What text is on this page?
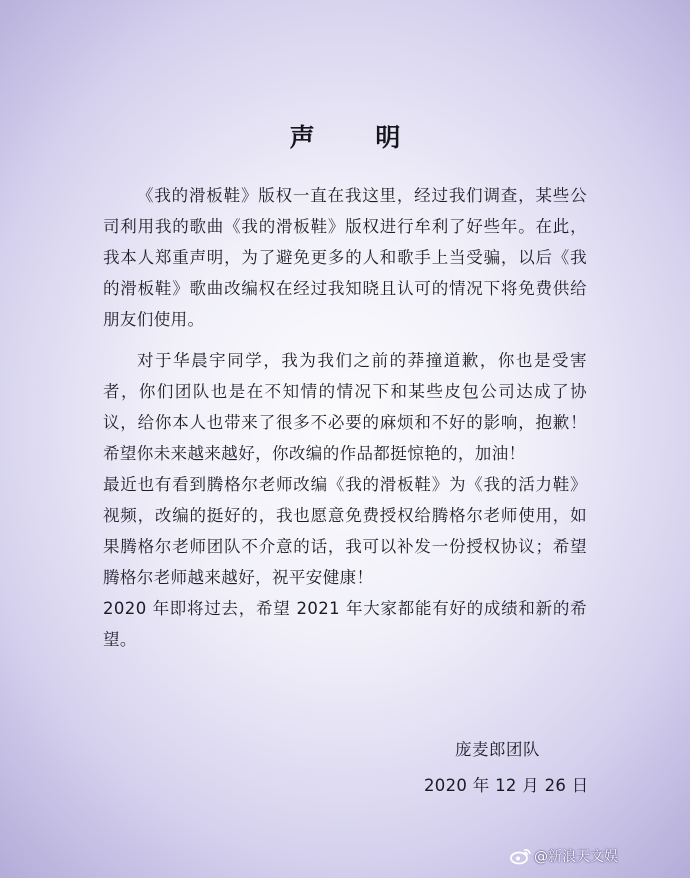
声 明

《我的滑板鞋》版权一直在我这里，经过我们调查，某些公司利用我的歌曲《我的滑板鞋》版权进行牟利了好些年。在此，我本人郑重声明，为了避免更多的人和歌手上当受骗，以后《我的滑板鞋》歌曲改编权在经过我知晓且认可的情况下将免费供给朋友们使用。

对于华晨宇同学，我为我们之前的莽撞道歉，你也是受害者，你们团队也是在不知情的情况下和某些皮包公司达成了协议，给你本人也带来了很多不必要的麻烦和不好的影响，抱歉！希望你未来越来越好，你改编的作品都挺惊艳的，加油！

最近也有看到腾格尔老师改编《我的滑板鞋》为《我的活力鞋》视频，改编的挺好的，我也愿意免费授权给腾格尔老师使用，如果腾格尔老师团队不介意的话，我可以补发一份授权协议；希望腾格尔老师越来越好，祝平安健康！

2020 年即将过去，希望 2021 年大家都能有好的成绩和新的希望。

庞麦郎团队
2020 年 12 月 26 日
@新浪天文娱
